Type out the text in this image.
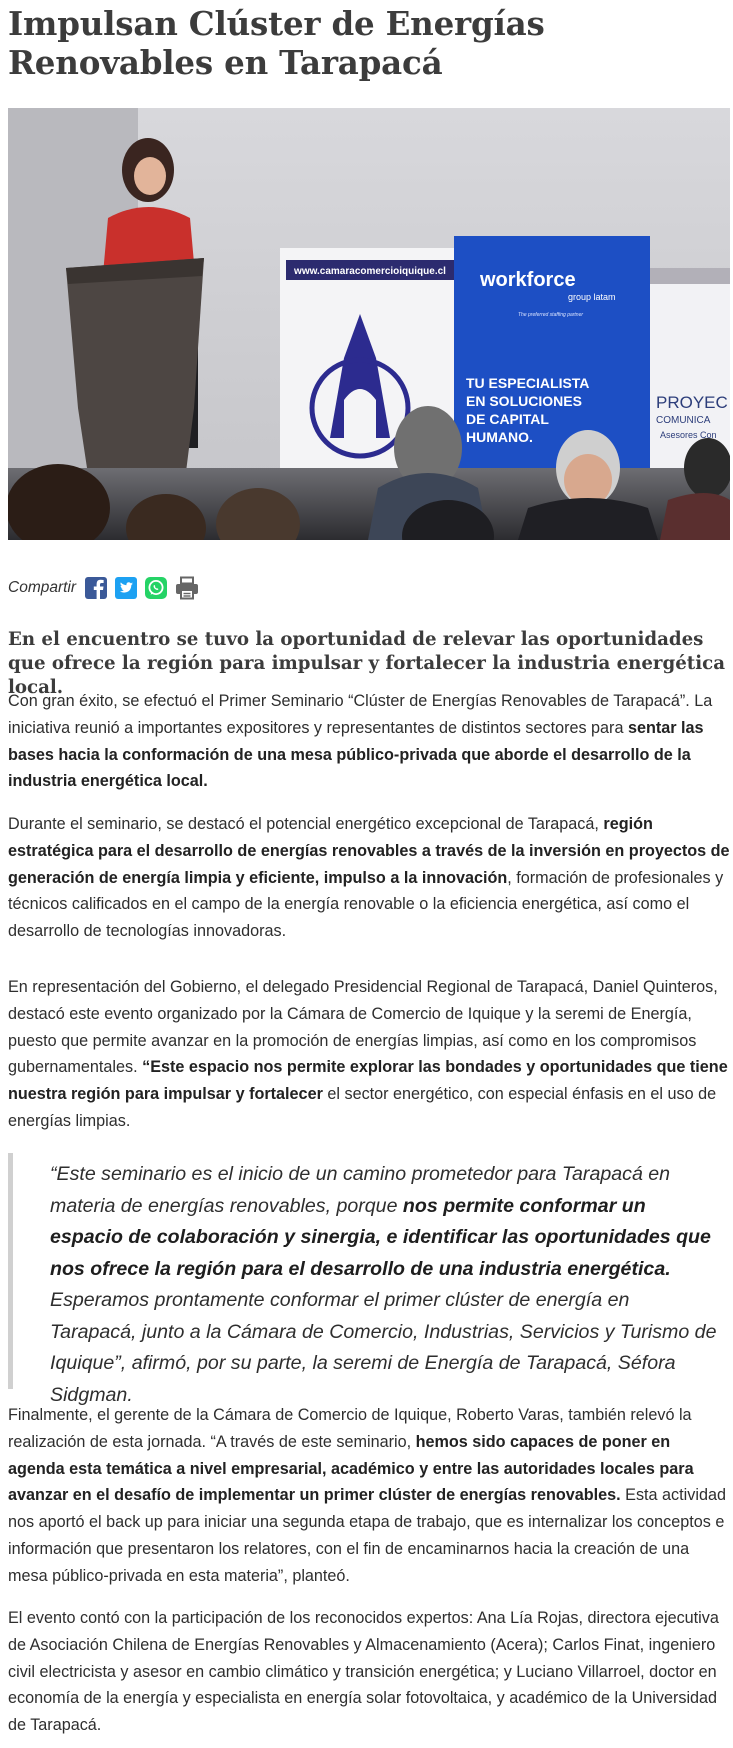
Impulsan Clúster de Energías Renovables en Tarapacá
www.camaracomercioiquique.cl workforce
group latam
The preferred staffing partner
TU ESPECIALISTA EN SOLUCIONES DE CAPITAL HUMANO.
PROYEC COMUNICA Asesores Con
Compartir

En el encuentro se tuvo la oportunidad de relevar las oportunidades que ofrece la región para impulsar y fortalecer la industria energética local.

Con gran éxito, se efectuó el Primer Seminario “Clúster de Energías Renovables de Tarapacá”. La iniciativa reunió a importantes expositores y representantes de distintos sectores para sentar las bases hacia la conformación de una mesa público-privada que aborde el desarrollo de la industria energética local.

Durante el seminario, se destacó el potencial energético excepcional de Tarapacá, región estratégica para el desarrollo de energías renovables a través de la inversión en proyectos de generación de energía limpia y eficiente, impulso a la innovación, formación de profesionales y técnicos calificados en el campo de la energía renovable o la eficiencia energética, así como el desarrollo de tecnologías innovadoras.

En representación del Gobierno, el delegado Presidencial Regional de Tarapacá, Daniel Quinteros, destacó este evento organizado por la Cámara de Comercio de Iquique y la seremi de Energía, puesto que permite avanzar en la promoción de energías limpias, así como en los compromisos gubernamentales. “Este espacio nos permite explorar las bondades y oportunidades que tiene nuestra región para impulsar y fortalecer el sector energético, con especial énfasis en el uso de energías limpias.

“Este seminario es el inicio de un camino prometedor para Tarapacá en materia de energías renovables, porque nos permite conformar un espacio de colaboración y sinergia, e identificar las oportunidades que nos ofrece la región para el desarrollo de una industria energética. Esperamos prontamente conformar el primer clúster de energía en Tarapacá, junto a la Cámara de Comercio, Industrias, Servicios y Turismo de Iquique”, afirmó, por su parte, la seremi de Energía de Tarapacá, Séfora Sidgman.

Finalmente, el gerente de la Cámara de Comercio de Iquique, Roberto Varas, también relevó la realización de esta jornada. “A través de este seminario, hemos sido capaces de poner en agenda esta temática a nivel empresarial, académico y entre las autoridades locales para avanzar en el desafío de implementar un primer clúster de energías renovables. Esta actividad nos aportó el back up para iniciar una segunda etapa de trabajo, que es internalizar los conceptos e información que presentaron los relatores, con el fin de encaminarnos hacia la creación de una mesa público-privada en esta materia”, planteó.

El evento contó con la participación de los reconocidos expertos: Ana Lía Rojas, directora ejecutiva de Asociación Chilena de Energías Renovables y Almacenamiento (Acera); Carlos Finat, ingeniero civil electricista y asesor en cambio climático y transición energética; y Luciano Villarroel, doctor en economía de la energía y especialista en energía solar fotovoltaica, y académico de la Universidad de Tarapacá.
